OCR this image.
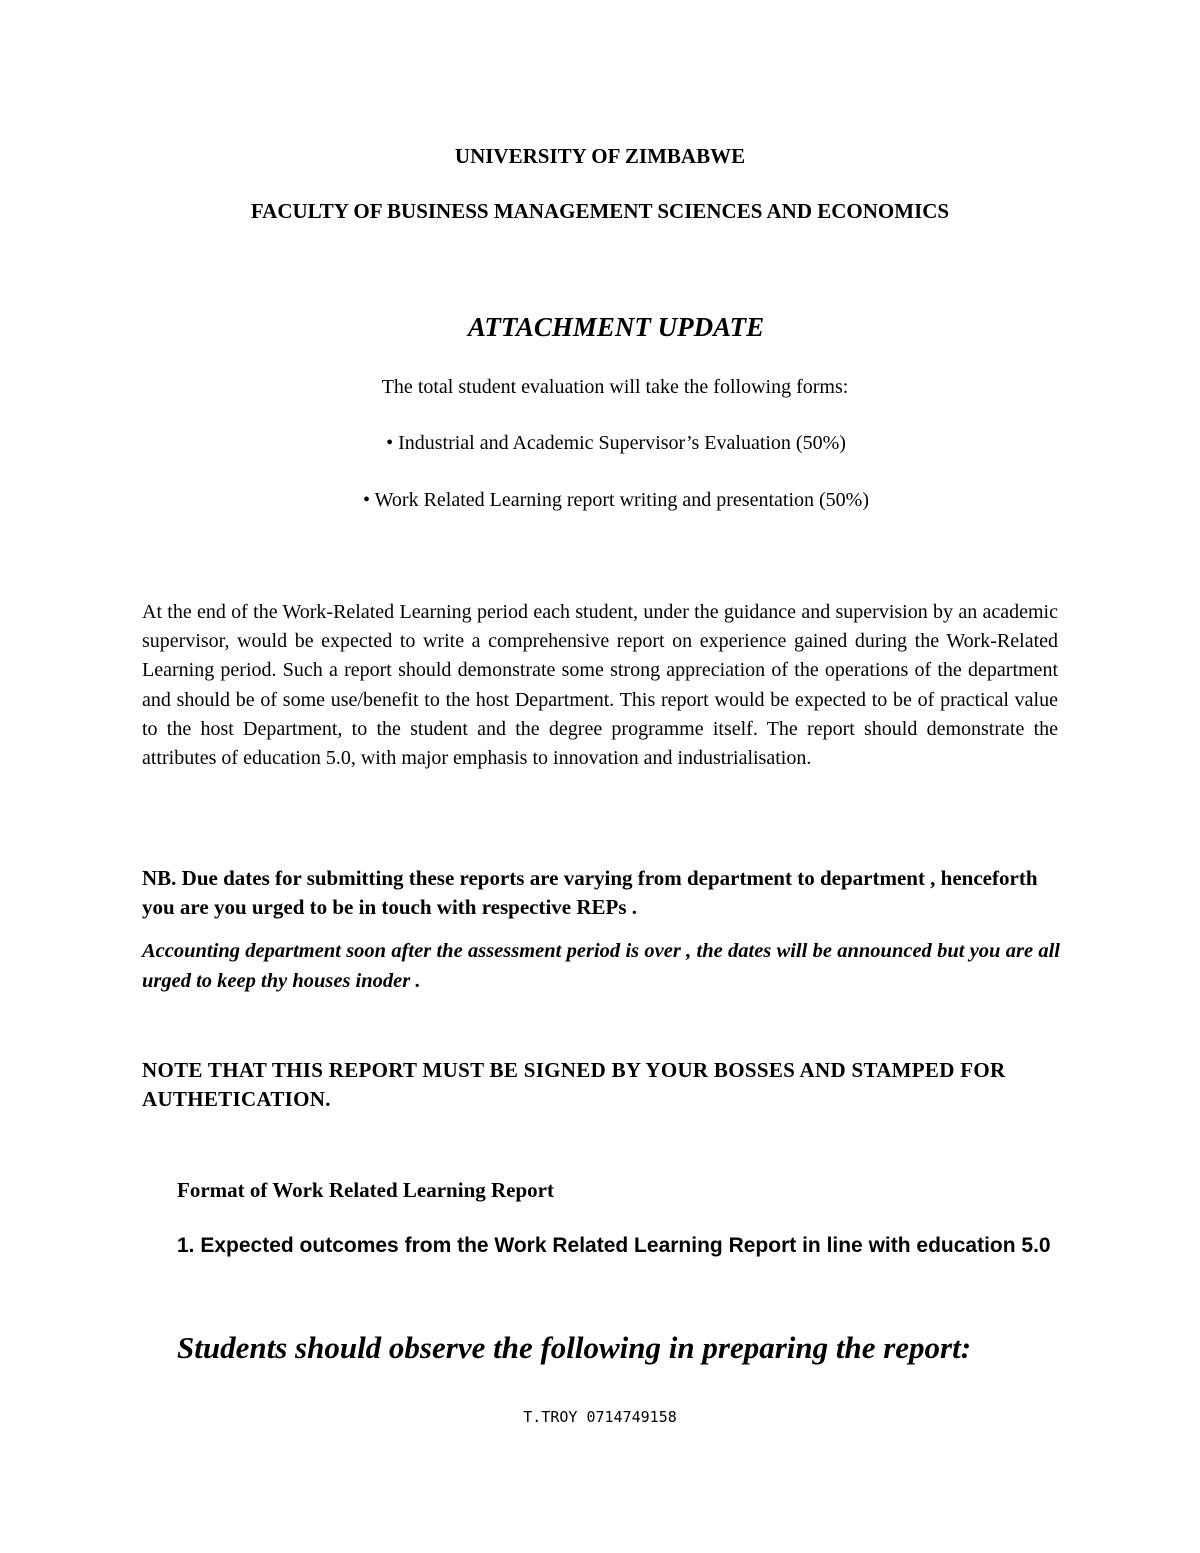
UNIVERSITY OF ZIMBABWE
FACULTY OF BUSINESS MANAGEMENT SCIENCES AND ECONOMICS
ATTACHMENT UPDATE
The total student evaluation will take the following forms:
• Industrial and Academic Supervisor’s Evaluation (50%)
• Work Related Learning report writing and presentation (50%)
At the end of the Work-Related Learning period each student, under the guidance and supervision by an academic supervisor, would be expected to write a comprehensive report on experience gained during the Work-Related Learning period. Such a report should demonstrate some strong appreciation of the operations of the department and should be of some use/benefit to the host Department. This report would be expected to be of practical value to the host Department, to the student and the degree programme itself. The report should demonstrate the attributes of education 5.0, with major emphasis to innovation and industrialisation.
NB. Due dates for submitting these reports are varying from department to department , henceforth you are you urged to be in touch with respective REPs .
Accounting department soon after the assessment period is over , the dates will be announced but you are all urged to keep thy houses inoder .
NOTE THAT THIS REPORT MUST BE SIGNED BY YOUR BOSSES AND STAMPED FOR AUTHETICATION.
Format of Work Related Learning Report
1. Expected outcomes from the Work Related Learning Report in line with education 5.0
Students should observe the following in preparing the report:
T.TROY 0714749158
